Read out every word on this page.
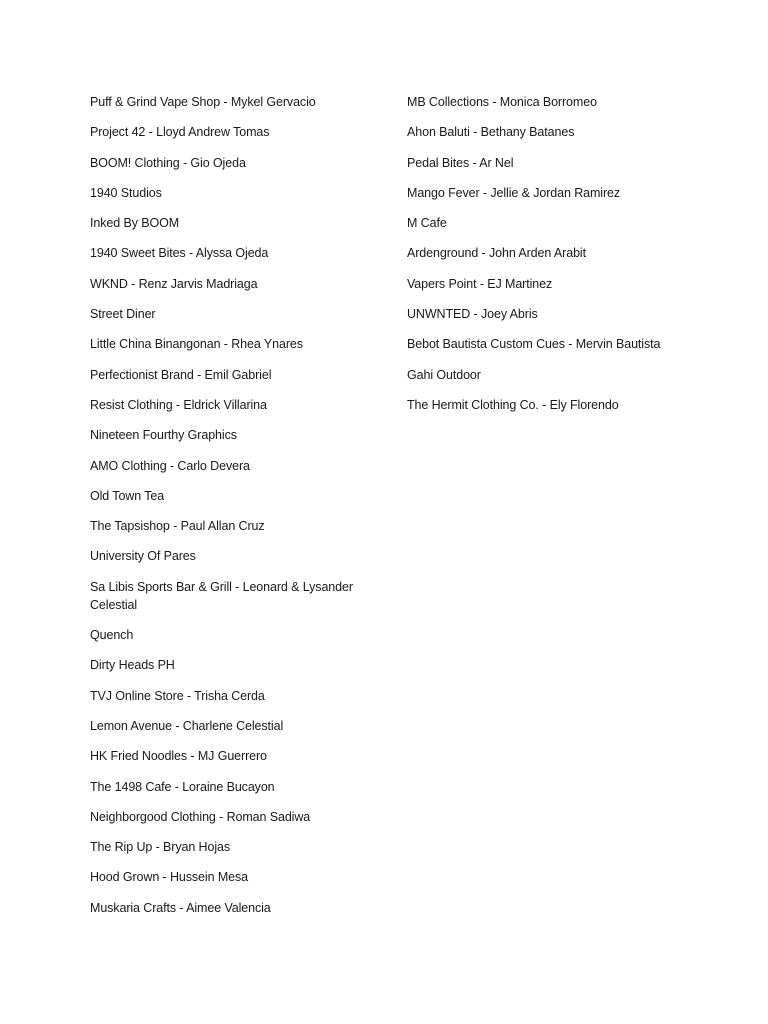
Puff & Grind Vape Shop - Mykel Gervacio
Project 42 - Lloyd Andrew Tomas
BOOM! Clothing - Gio Ojeda
1940 Studios
Inked By BOOM
1940 Sweet Bites - Alyssa Ojeda
WKND - Renz Jarvis Madriaga
Street Diner
Little China Binangonan - Rhea Ynares
Perfectionist Brand - Emil Gabriel
Resist Clothing - Eldrick Villarina
Nineteen Fourthy Graphics
AMO Clothing - Carlo Devera
Old Town Tea
The Tapsishop - Paul Allan Cruz
University Of Pares
Sa Libis Sports Bar & Grill - Leonard & Lysander Celestial
Quench
Dirty Heads PH
TVJ Online Store - Trisha Cerda
Lemon Avenue - Charlene Celestial
HK Fried Noodles - MJ Guerrero
The 1498 Cafe - Loraine Bucayon
Neighborgood Clothing - Roman Sadiwa
The Rip Up - Bryan Hojas
Hood Grown - Hussein Mesa
Muskaria Crafts - Aimee Valencia
MB Collections - Monica Borromeo
Ahon Baluti - Bethany Batanes
Pedal Bites - Ar Nel
Mango Fever - Jellie & Jordan Ramirez
M Cafe
Ardenground - John Arden Arabit
Vapers Point - EJ Martinez
UNWNTED - Joey Abris
Bebot Bautista Custom Cues - Mervin Bautista
Gahi Outdoor
The Hermit Clothing Co. - Ely Florendo
